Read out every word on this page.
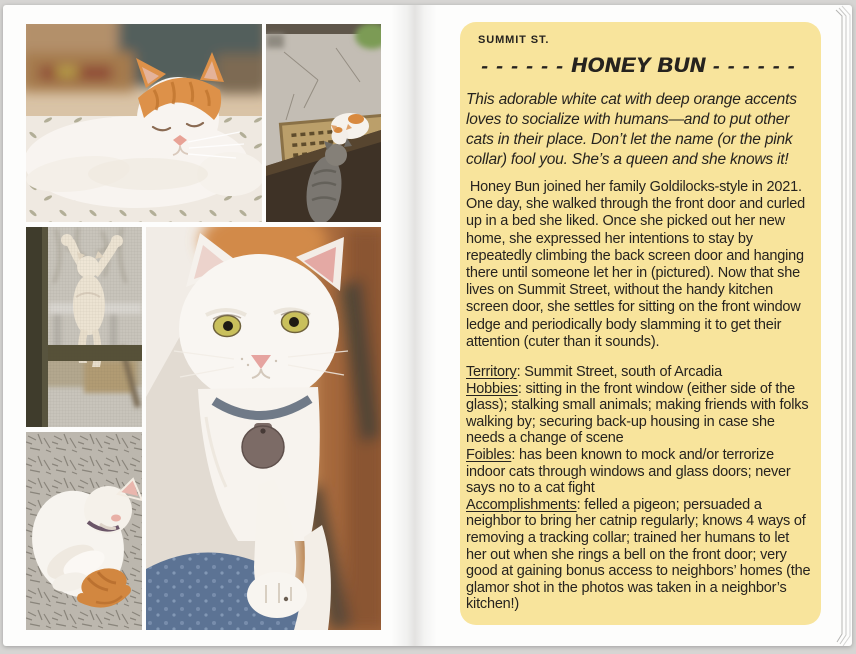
SUMMIT ST.
- - - - - - HONEY BUN - - - - - -

This adorable white cat with deep orange accents loves to socialize with humans—and to put other cats in their place. Don’t let the name (or the pink collar) fool you. She’s a queen and she knows it!

Honey Bun joined her family Goldilocks-style in 2021. One day, she walked through the front door and curled up in a bed she liked. Once she picked out her new home, she expressed her intentions to stay by repeatedly climbing the back screen door and hanging there until someone let her in (pictured). Now that she lives on Summit Street, without the handy kitchen screen door, she settles for sitting on the front window ledge and periodically body slamming it to get their attention (cuter than it sounds).

Territory: Summit Street, south of Arcadia

Hobbies: sitting in the front window (either side of the glass); stalking small animals; making friends with folks walking by; securing back-up housing in case she needs a change of scene

Foibles: has been known to mock and/or terrorize indoor cats through windows and glass doors; never says no to a cat fight

Accomplishments: felled a pigeon; persuaded a neighbor to bring her catnip regularly; knows 4 ways of removing a tracking collar; trained her humans to let her out when she rings a bell on the front door; very good at gaining bonus access to neighbors’ homes (the glamor shot in the photos was taken in a neighbor’s kitchen!)
